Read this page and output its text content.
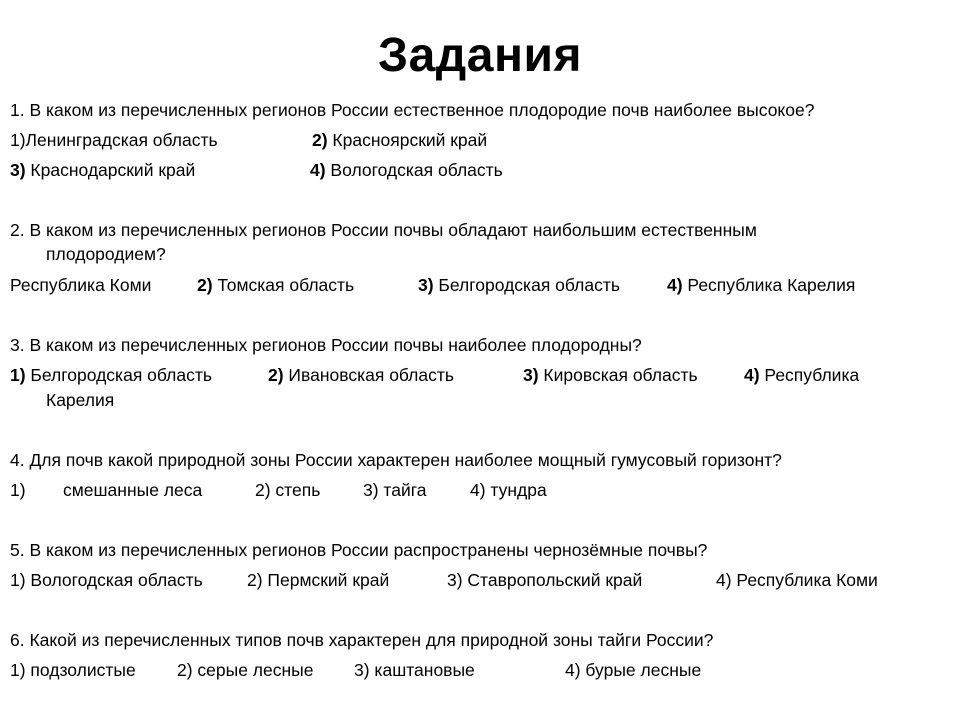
Задания
1. В каком из перечисленных регионов России естественное плодородие почв наиболее высокое?
1)Ленинградская область	2) Красноярский край
3) Краснодарский край	4) Вологодская область
2. В каком из перечисленных регионов России почвы обладают наибольшим естественным
плодородием?
Республика Коми	2) Томская область	3) Белгородская область	4) Республика Карелия
3. В каком из перечисленных регионов России почвы наиболее плодородны?
1) Белгородская область	2) Ивановская область	3) Кировская область	4) Республика
Карелия
4. Для почв какой природной зоны России характерен наиболее мощный гумусовый горизонт?
1) смешанные леса	2) степь 3) тайга 4) тундра
5. В каком из перечисленных регионов России распространены чернозёмные почвы?
1) Вологодская область	2) Пермский край	3) Ставропольский край	4) Республика Коми
6. Какой из перечисленных типов почв характерен для природной зоны тайги России?
1) подзолистые 2) серые лесные 3) каштановые	4) бурые лесные
